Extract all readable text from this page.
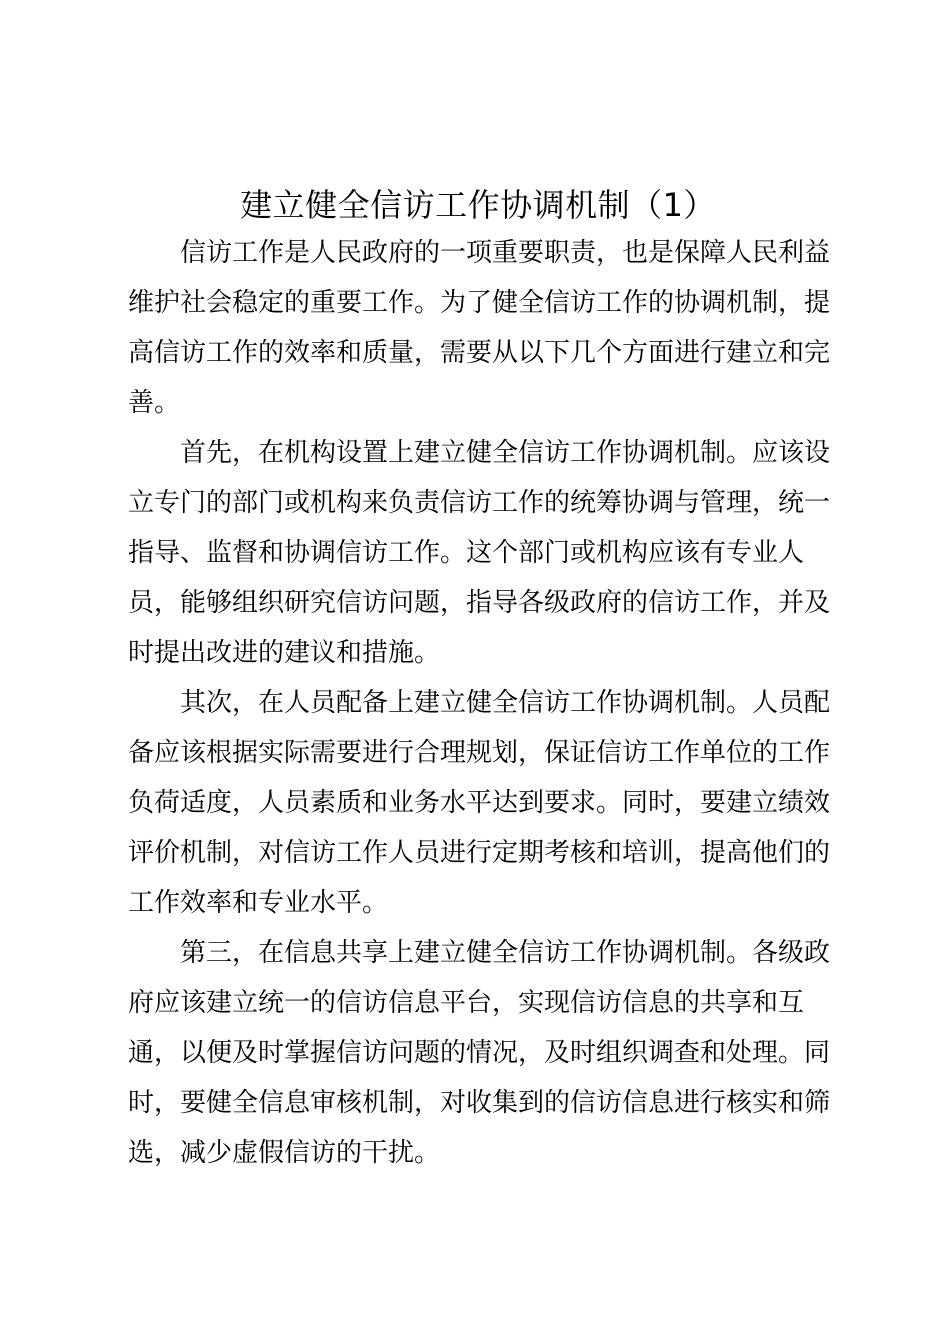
建立健全信访工作协调机制（1）

信访工作是人民政府的一项重要职责，也是保障人民利益维护社会稳定的重要工作。为了健全信访工作的协调机制，提高信访工作的效率和质量，需要从以下几个方面进行建立和完善。

首先，在机构设置上建立健全信访工作协调机制。应该设立专门的部门或机构来负责信访工作的统筹协调与管理，统一指导、监督和协调信访工作。这个部门或机构应该有专业人员，能够组织研究信访问题，指导各级政府的信访工作，并及时提出改进的建议和措施。

其次，在人员配备上建立健全信访工作协调机制。人员配备应该根据实际需要进行合理规划，保证信访工作单位的工作负荷适度，人员素质和业务水平达到要求。同时，要建立绩效评价机制，对信访工作人员进行定期考核和培训，提高他们的工作效率和专业水平。

第三，在信息共享上建立健全信访工作协调机制。各级政府应该建立统一的信访信息平台，实现信访信息的共享和互通，以便及时掌握信访问题的情况，及时组织调查和处理。同时，要健全信息审核机制，对收集到的信访信息进行核实和筛选，减少虚假信访的干扰。
